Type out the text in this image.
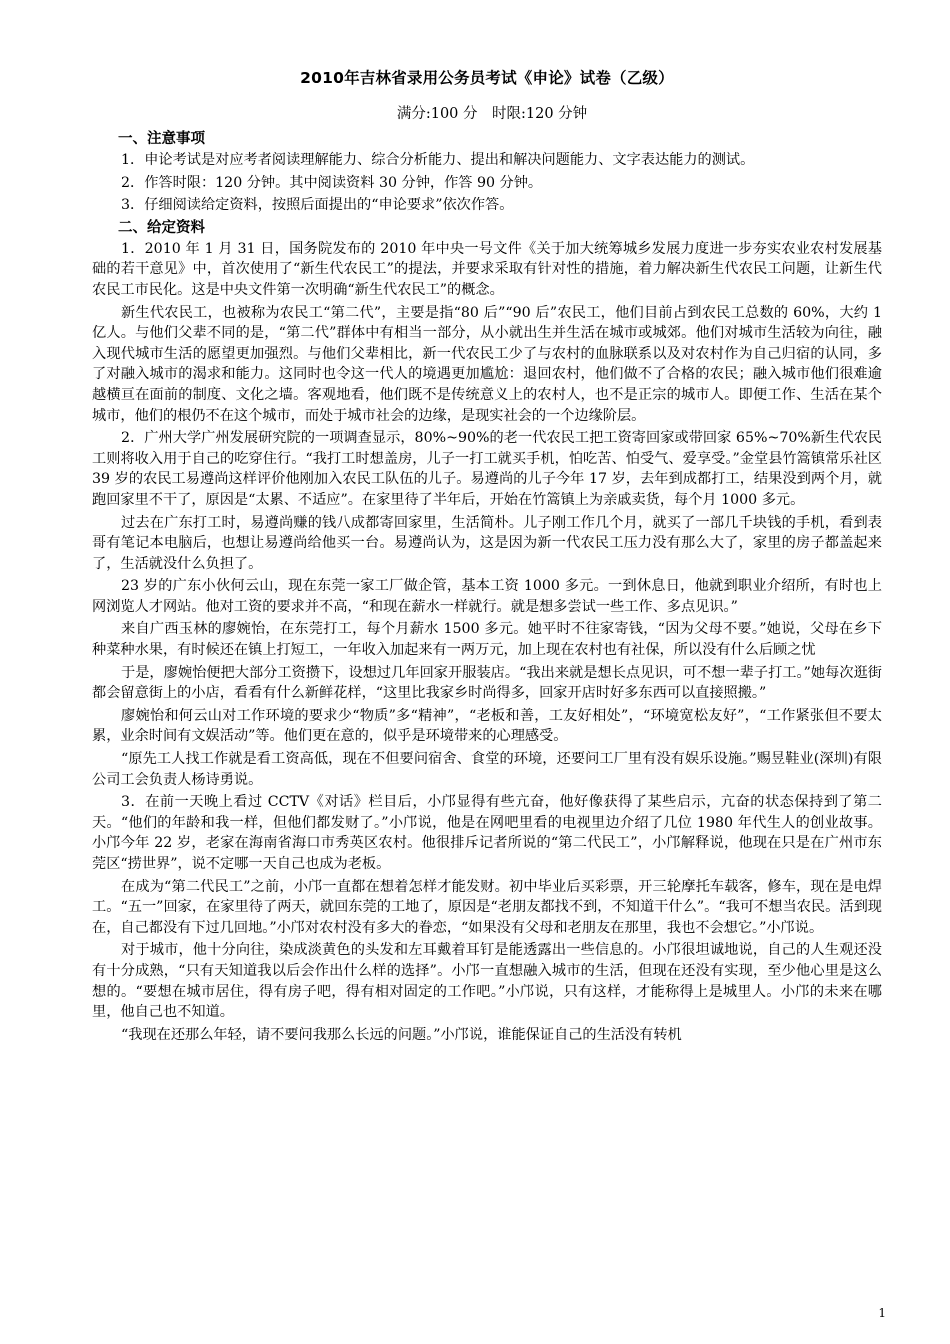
2010年吉林省录用公务员考试《申论》试卷（乙级）
满分:100 分　时限:120 分钟
一、注意事项

1．申论考试是对应考者阅读理解能力、综合分析能力、提出和解决问题能力、文字表达能力的测试。

2．作答时限：120 分钟。其中阅读资料 30 分钟，作答 90 分钟。

3．仔细阅读给定资料，按照后面提出的“申论要求”依次作答。

二、给定资料

1．2010 年 1 月 31 日，国务院发布的 2010 年中央一号文件《关于加大统筹城乡发展力度进一步夯实农业农村发展基础的若干意见》中，首次使用了“新生代农民工”的提法，并要求采取有针对性的措施，着力解决新生代农民工问题，让新生代农民工市民化。这是中央文件第一次明确“新生代农民工”的概念。

新生代农民工，也被称为农民工“第二代”，主要是指“80 后”“90 后”农民工，他们目前占到农民工总数的 60%，大约 1 亿人。与他们父辈不同的是，“第二代”群体中有相当一部分，从小就出生并生活在城市或城郊。他们对城市生活较为向往，融入现代城市生活的愿望更加强烈。与他们父辈相比，新一代农民工少了与农村的血脉联系以及对农村作为自己归宿的认同，多了对融入城市的渴求和能力。这同时也令这一代人的境遇更加尴尬：退回农村，他们做不了合格的农民；融入城市他们很难逾越横亘在面前的制度、文化之墙。客观地看，他们既不是传统意义上的农村人，也不是正宗的城市人。即便工作、生活在某个城市，他们的根仍不在这个城市，而处于城市社会的边缘，是现实社会的一个边缘阶层。

2．广州大学广州发展研究院的一项调查显示，80%~90%的老一代农民工把工资寄回家或带回家 65%~70%新生代农民工则将收入用于自己的吃穿住行。“我打工时想盖房，儿子一打工就买手机，怕吃苦、怕受气、爱享受。”金堂县竹篙镇常乐社区 39 岁的农民工易遵尚这样评价他刚加入农民工队伍的儿子。易遵尚的儿子今年 17 岁，去年到成都打工，结果没到两个月，就跑回家里不干了，原因是“太累、不适应”。在家里待了半年后，开始在竹篙镇上为亲戚卖货，每个月 1000 多元。

过去在广东打工时，易遵尚赚的钱八成都寄回家里，生活简朴。儿子刚工作几个月，就买了一部几千块钱的手机，看到表哥有笔记本电脑后，也想让易遵尚给他买一台。易遵尚认为，这是因为新一代农民工压力没有那么大了，家里的房子都盖起来了，生活就没什么负担了。

23 岁的广东小伙何云山，现在东莞一家工厂做企管，基本工资 1000 多元。一到休息日，他就到职业介绍所，有时也上网浏览人才网站。他对工资的要求并不高，“和现在薪水一样就行。就是想多尝试一些工作、多点见识。”

来自广西玉林的廖婉怡，在东莞打工，每个月薪水 1500 多元。她平时不往家寄钱，“因为父母不要。”她说，父母在乡下种菜种水果，有时候还在镇上打短工，一年收入加起来有一两万元，加上现在农村也有社保，所以没有什么后顾之忧

于是，廖婉怡便把大部分工资攒下，设想过几年回家开服装店。“我出来就是想长点见识，可不想一辈子打工。”她每次逛街都会留意街上的小店，看看有什么新鲜花样，“这里比我家乡时尚得多，回家开店时好多东西可以直接照搬。”

廖婉怡和何云山对工作环境的要求少“物质”多“精神”，“老板和善，工友好相处”，“环境宽松友好”，“工作紧张但不要太累，业余时间有文娱活动”等。他们更在意的，似乎是环境带来的心理感受。

“原先工人找工作就是看工资高低，现在不但要问宿舍、食堂的环境，还要问工厂里有没有娱乐设施。”赐昱鞋业(深圳)有限公司工会负责人杨诗勇说。

3．在前一天晚上看过 CCTV《对话》栏目后，小邝显得有些亢奋，他好像获得了某些启示，亢奋的状态保持到了第二天。“他们的年龄和我一样，但他们都发财了。”小邝说，他是在网吧里看的电视里边介绍了几位 1980 年代生人的创业故事。小邝今年 22 岁，老家在海南省海口市秀英区农村。他很排斥记者所说的“第二代民工”，小邝解释说，他现在只是在广州市东莞区“捞世界”，说不定哪一天自己也成为老板。

在成为“第二代民工”之前，小邝一直都在想着怎样才能发财。初中毕业后买彩票，开三轮摩托车载客，修车，现在是电焊工。“五一”回家，在家里待了两天，就回东莞的工地了，原因是“老朋友都找不到，不知道干什么”。“我可不想当农民。活到现在，自己都没有下过几回地。”小邝对农村没有多大的眷恋，“如果没有父母和老朋友在那里，我也不会想它。”小邝说。

对于城市，他十分向往，染成淡黄色的头发和左耳戴着耳钉是能透露出一些信息的。小邝很坦诚地说，自己的人生观还没有十分成熟，“只有天知道我以后会作出什么样的选择”。小邝一直想融入城市的生活，但现在还没有实现，至少他心里是这么想的。“要想在城市居住，得有房子吧，得有相对固定的工作吧。”小邝说，只有这样，才能称得上是城里人。小邝的未来在哪里，他自己也不知道。

“我现在还那么年轻，请不要问我那么长远的问题。”小邝说，谁能保证自己的生活没有转机

1
